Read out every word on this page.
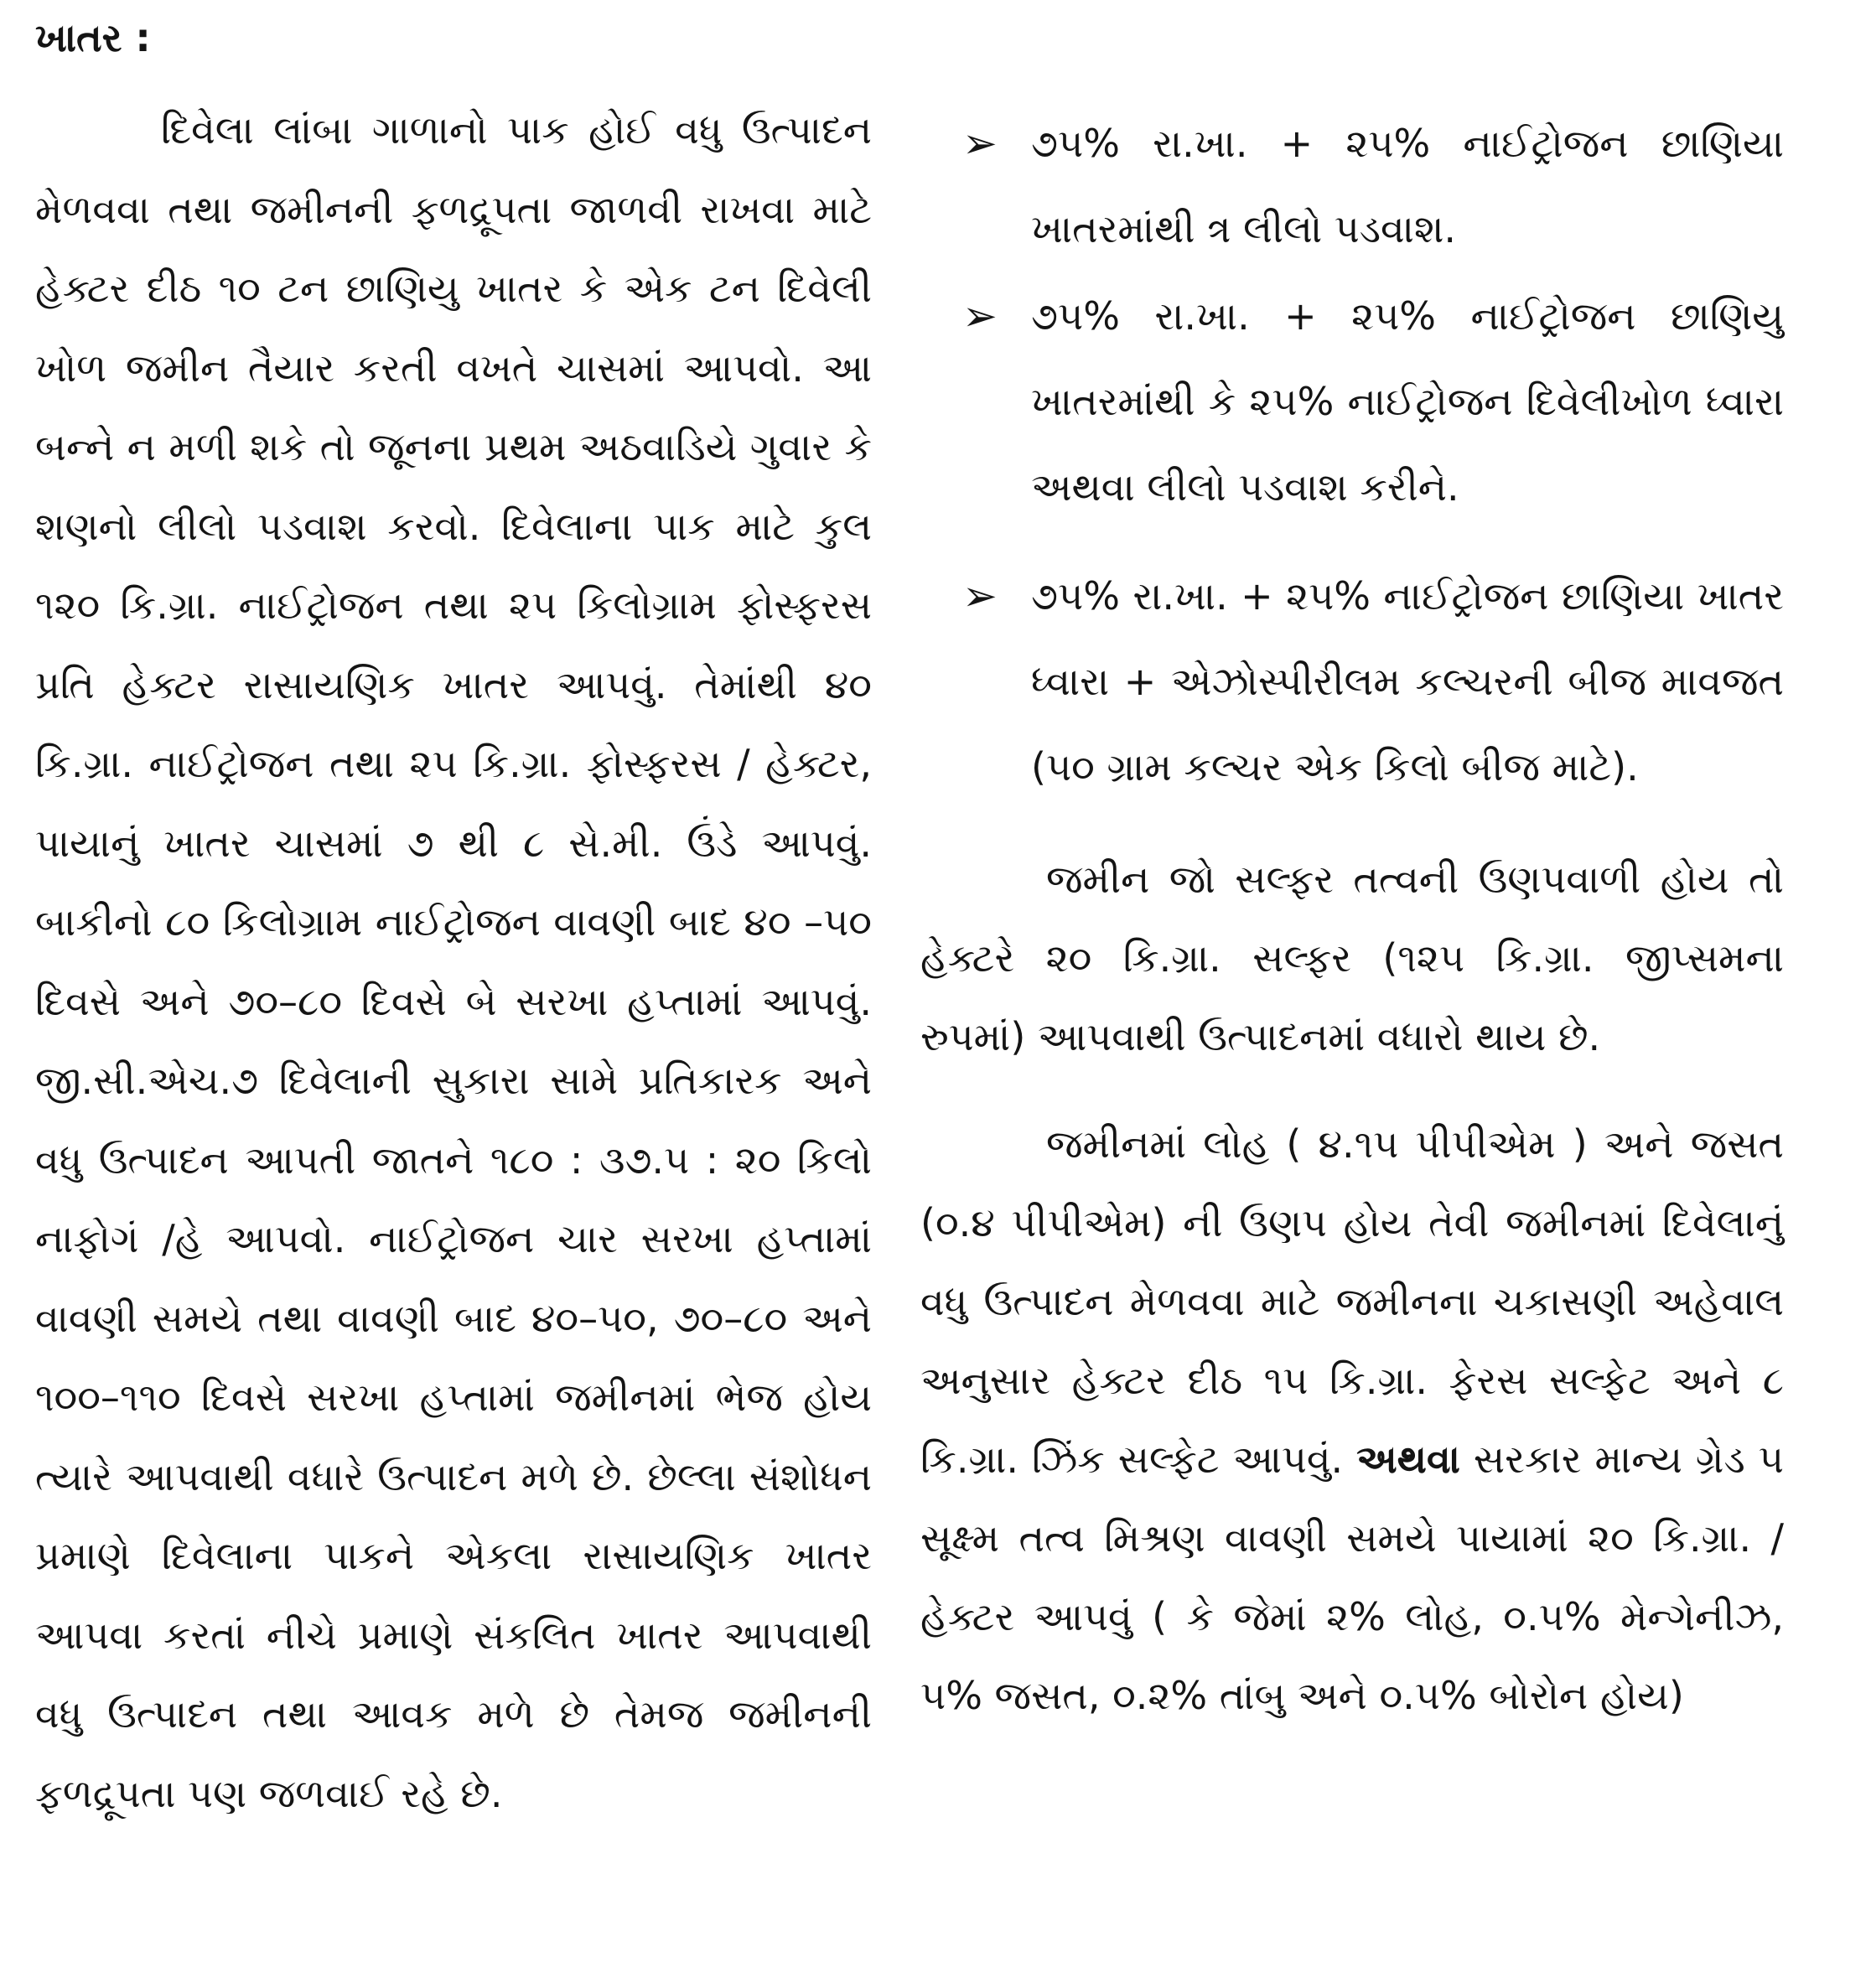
ખાતર :

દિવેલા લાંબા ગાળાનો પાક હોઈ વધુ ઉત્પાદન મેળવવા તથા જમીનની ફળદ્રૂપતા જાળવી રાખવા માટે હેક્ટર દીઠ ૧૦ ટન છાણિયુ ખાતર કે એક ટન દિવેલી ખોળ જમીન તૈયાર કરતી વખતે ચાસમાં આપવો. આ બન્ને ન મળી શકે તો જૂનના પ્રથમ અઠવાડિયે ગુવાર કે શણનો લીલો પડવાશ કરવો. દિવેલાના પાક માટે કુલ ૧૨૦ કિ.ગ્રા. નાઈટ્રોજન તથા ૨૫ કિલોગ્રામ ફોસ્ફરસ પ્રતિ હેક્ટર રાસાયણિક ખાતર આપવું. તેમાંથી ૪૦ કિ.ગ્રા. નાઈટ્રોજન તથા ૨૫ કિ.ગ્રા. ફોસ્ફરસ / હેક્ટર, પાયાનું ખાતર ચાસમાં ૭ થી ૮ સે.મી. ઉંડે આપવું. બાકીનો ૮૦ કિલોગ્રામ નાઈટ્રોજન વાવણી બાદ ૪૦ –૫૦ દિવસે અને ૭૦–૮૦ દિવસે બે સરખા હપ્તામાં આપવું. જી.સી.એચ.૭ દિવેલાની સુકારા સામે પ્રતિકારક અને વધુ ઉત્પાદન આપતી જાતને ૧૮૦ : ૩૭.૫ : ૨૦ કિલો નાફોગં /હે આપવો. નાઈટ્રોજન ચાર સરખા હપ્તામાં વાવણી સમયે તથા વાવણી બાદ ૪૦–૫૦, ૭૦–૮૦ અને ૧૦૦–૧૧૦ દિવસે સરખા હપ્તામાં જમીનમાં ભેજ હોય ત્યારે આપવાથી વધારે ઉત્પાદન મળે છે. છેલ્લા સંશોધન પ્રમાણે દિવેલાના પાકને એકલા રાસાયણિક ખાતર આપવા કરતાં નીચે પ્રમાણે સંકલિત ખાતર આપવાથી વધુ ઉત્પાદન તથા આવક મળે છે તેમજ જમીનની ફળદ્રૂપતા પણ જળવાઈ રહે છે.

➢ ૭૫% રા.ખા. + ૨૫% નાઈટ્રોજન છાણિયા ખાતરમાંથી ત્ર લીલો પડવાશ.
➢ ૭૫% રા.ખા. + ૨૫% નાઈટ્રોજન છાણિયુ ખાતરમાંથી કે ૨૫% નાઈટ્રોજન દિવેલીખોળ ધ્વારા અથવા લીલો પડવાશ કરીને.
➢ ૭૫% રા.ખા. + ૨૫% નાઈટ્રોજન છાણિયા ખાતર ધ્વારા + એઝોસ્પીરીલમ કલ્ચરની બીજ માવજત (૫૦ ગ્રામ કલ્ચર એક કિલો બીજ માટે).

જમીન જો સલ્ફર તત્વની ઉણપવાળી હોય તો હેક્ટરે ૨૦ કિ.ગ્રા. સલ્ફર (૧૨૫ કિ.ગ્રા. જીપ્સમના રુપમાં) આપવાથી ઉત્પાદનમાં વધારો થાય છે.

જમીનમાં લોહ ( ૪.૧૫ પીપીએમ ) અને જસત (૦.૪ પીપીએમ) ની ઉણપ હોય તેવી જમીનમાં દિવેલાનું વધુ ઉત્પાદન મેળવવા માટે જમીનના ચકાસણી અહેવાલ અનુસાર હેક્ટર દીઠ ૧૫ કિ.ગ્રા. ફેરસ સલ્ફેટ અને ૮ કિ.ગ્રા. ઝિંક સલ્ફેટ આપવું. અથવા સરકાર માન્ય ગ્રેડ ૫ સૂક્ષ્મ તત્વ મિશ્રણ વાવણી સમયે પાયામાં ૨૦ કિ.ગ્રા. / હેક્ટર આપવું ( કે જેમાં ૨% લોહ, ૦.૫% મેન્ગેનીઝ, ૫% જસત, ૦.૨% તાંબુ અને ૦.૫% બોરોન હોય)
